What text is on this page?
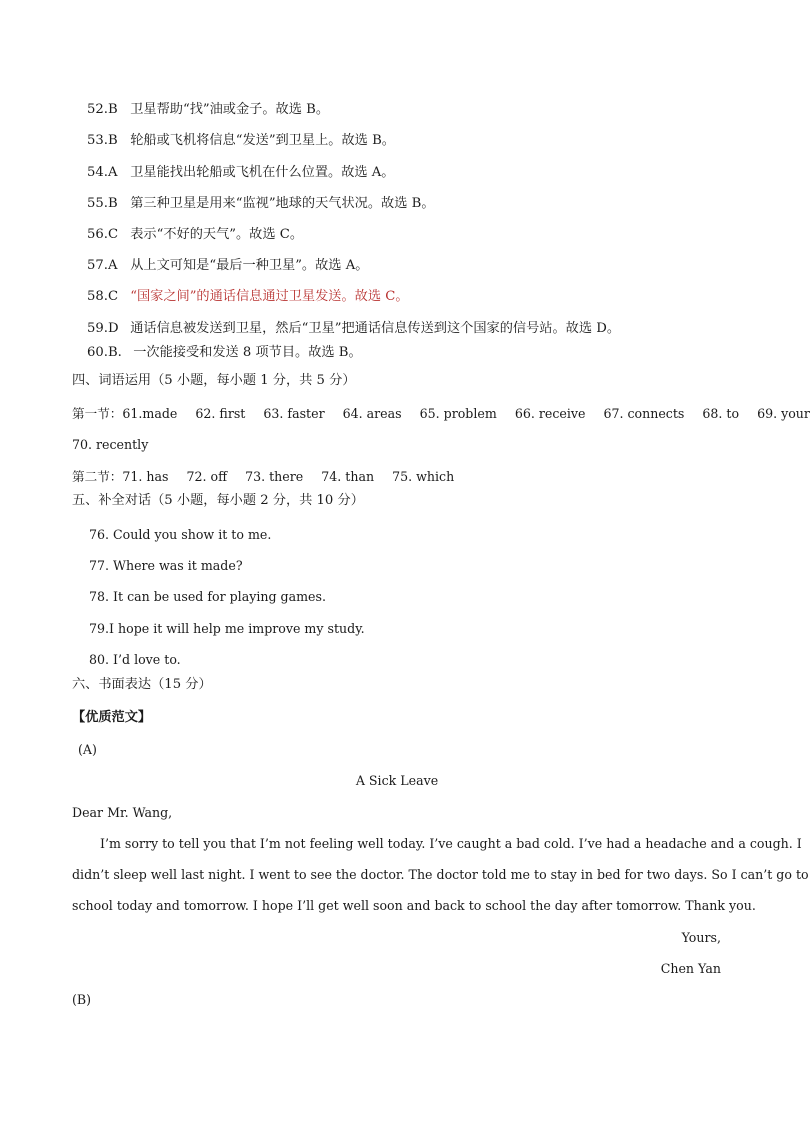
52.B 卫星帮助“找”油或金子。故选 B。
53.B 轮船或飞机将信息“发送”到卫星上。故选 B。
54.A 卫星能找出轮船或飞机在什么位置。故选 A。
55.B 第三种卫星是用来“监视”地球的天气状况。故选 B。
56.C 表示“不好的天气”。故选 C。
57.A 从上文可知是“最后一种卫星”。故选 A。
58.C “国家之间”的通话信息通过卫星发送。故选 C。
59.D 通话信息被发送到卫星，然后“卫星”把通话信息传送到这个国家的信号站。故选 D。
60.B. 一次能接受和发送 8 项节目。故选 B。
四、词语运用（5 小题，每小题 1 分，共 5 分）
第一节：61.made 62. first 63. faster 64. areas 65. problem 66. receive 67. connects 68. to 69. your
70. recently
第二节：71. has 72. off 73. there 74. than 75. which
五、补全对话（5 小题，每小题 2 分，共 10 分）
76. Could you show it to me.
77. Where was it made?
78. It can be used for playing games.
79.I hope it will help me improve my study.
80. I’d love to.
六、书面表达（15 分）
【优质范文】
(A)
A Sick Leave
Dear Mr. Wang,
I’m sorry to tell you that I’m not feeling well today. I’ve caught a bad cold. I’ve had a headache and a cough. I
didn’t sleep well last night. I went to see the doctor. The doctor told me to stay in bed for two days. So I can’t go to
school today and tomorrow. I hope I’ll get well soon and back to school the day after tomorrow. Thank you.
Yours,
Chen Yan
(B)
